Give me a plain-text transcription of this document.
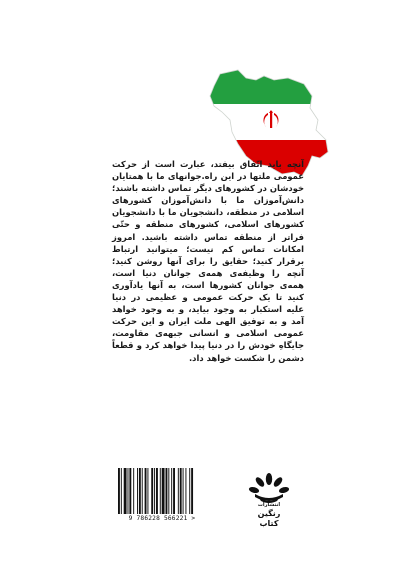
آنچه باید اتّفاق بیفتد، عبارت است از حرکت عمومی ملتها در این راه.جوانهای ما با همتایان خودشان در کشورهای دیگر تماس داشته باشند؛ دانش‌آموزان ما با دانش‌آموزان کشورهای اسلامی در منطقه، دانشجویان ما با دانشجویان کشورهای اسلامی، کشورهای منطقه و حتّی فراتر از منطقه تماس داشته باشید. امروز امکانات تماس کم نیست؛ میتوانید ارتباط برقرار کنید؛ حقایق را برای آنها روشن کنید؛ آنچه را وظیفه‌ی همه‌ی جوانان دنیا است، همه‌ی جوانان کشورها است، به آنها یادآوری کنید تا یک حرکت عمومی و عظیمی در دنیا علیه استکبار به وجود بیاید، و به وجود خواهد آمد و به توفیق الهی ملت ایران و این حرکت عمومی اسلامی و انسانی جبهه‌ی مقاومت، جایگاهِ خودش را در دنیا پیدا خواهد کرد و قطعاً دشمن را شکست خواهد داد.
9 786228 566221 >
انتشارات
رنگین کتاب
